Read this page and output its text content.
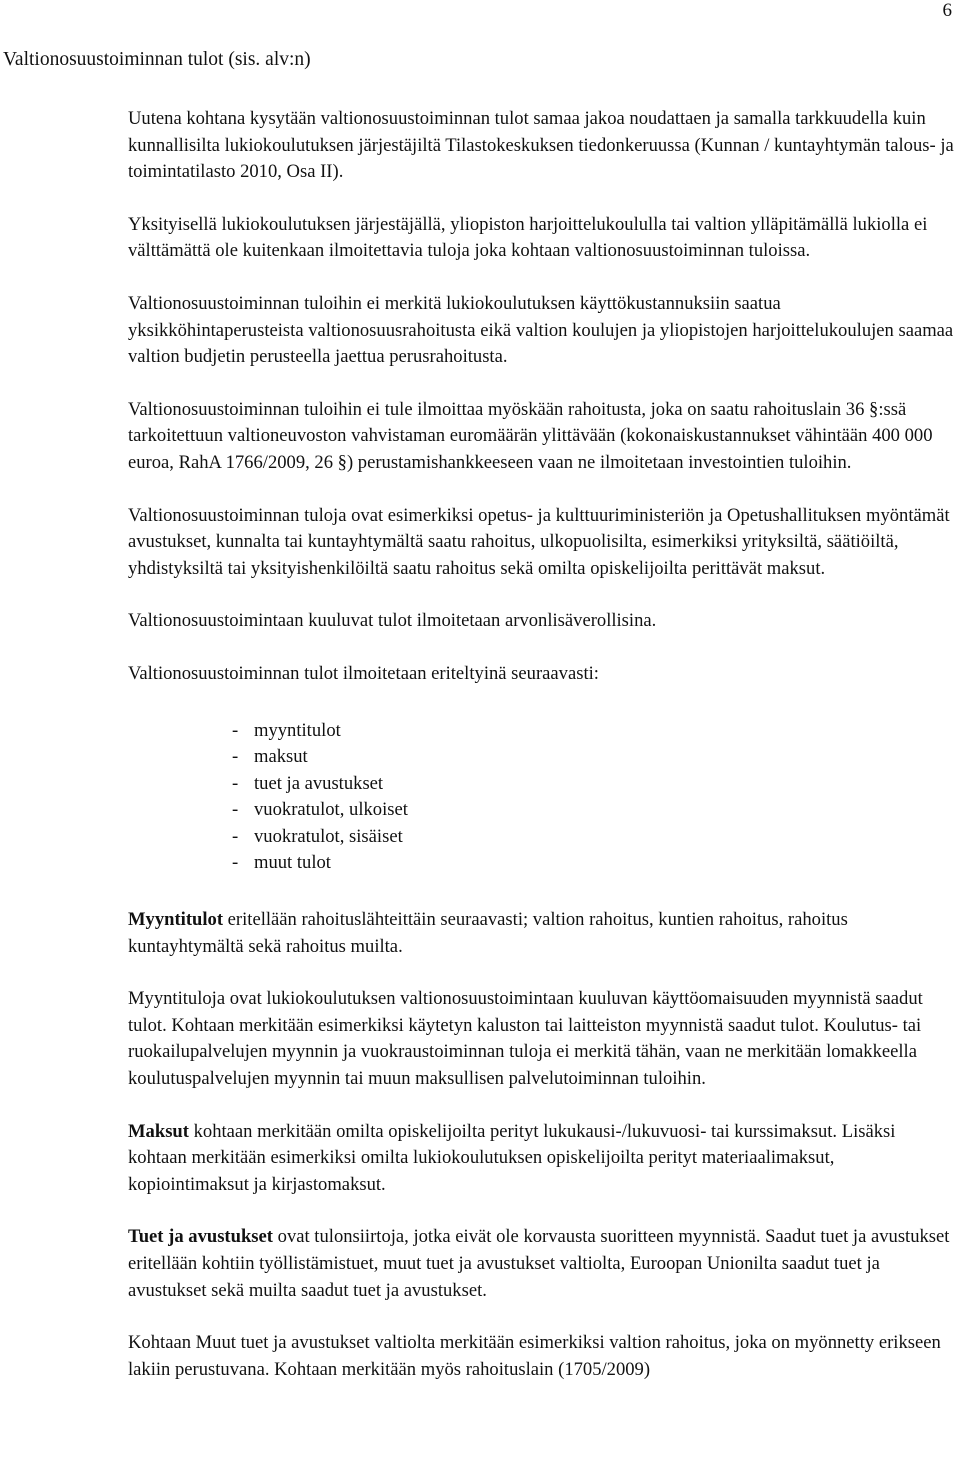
6
Valtionosuustoiminnan tulot (sis. alv:n)

Uutena kohtana kysytään valtionosuustoiminnan tulot samaa jakoa noudattaen ja samalla tarkkuudella kuin kunnallisilta lukiokoulutuksen järjestäjiltä Tilastokeskuksen tiedonkeruussa (Kunnan / kuntayhtymän talous- ja toimintatilasto 2010, Osa II).

Yksityisellä lukiokoulutuksen järjestäjällä, yliopiston harjoittelukoululla tai valtion ylläpitämällä lukiolla ei välttämättä ole kuitenkaan ilmoitettavia tuloja joka kohtaan valtionosuustoiminnan tuloissa.

Valtionosuustoiminnan tuloihin ei merkitä lukiokoulutuksen käyttökustannuksiin saatua yksikköhintaperusteista valtionosuusrahoitusta eikä valtion koulujen ja yliopistojen harjoittelukoulujen saamaa valtion budjetin perusteella jaettua perusrahoitusta.

Valtionosuustoiminnan tuloihin ei tule ilmoittaa myöskään rahoitusta, joka on saatu rahoituslain 36 §:ssä tarkoitettuun valtioneuvoston vahvistaman euromäärän ylittävään (kokonaiskustannukset vähintään 400 000 euroa, RahA 1766/2009, 26 §) perustamishankkeeseen vaan ne ilmoitetaan investointien tuloihin.

Valtionosuustoiminnan tuloja ovat esimerkiksi opetus- ja kulttuuriministeriön ja Opetushallituksen myöntämät avustukset, kunnalta tai kuntayhtymältä saatu rahoitus, ulkopuolisilta, esimerkiksi yrityksiltä, säätiöiltä, yhdistyksiltä tai yksityishenkilöiltä saatu rahoitus sekä omilta opiskelijoilta perittävät maksut.

Valtionosuustoimintaan kuuluvat tulot ilmoitetaan arvonlisäverollisina.

Valtionosuustoiminnan tulot ilmoitetaan eriteltyinä seuraavasti:

- myyntitulot
- maksut
- tuet ja avustukset
- vuokratulot, ulkoiset
- vuokratulot, sisäiset
- muut tulot

Myyntitulot eritellään rahoituslähteittäin seuraavasti; valtion rahoitus, kuntien rahoitus, rahoitus kuntayhtymältä sekä rahoitus muilta.

Myyntituloja ovat lukiokoulutuksen valtionosuustoimintaan kuuluvan käyttöomaisuuden myynnistä saadut tulot. Kohtaan merkitään esimerkiksi käytetyn kaluston tai laitteiston myynnistä saadut tulot. Koulutus- tai ruokailupalvelujen myynnin ja vuokraustoiminnan tuloja ei merkitä tähän, vaan ne merkitään lomakkeella koulutuspalvelujen myynnin tai muun maksullisen palvelutoiminnan tuloihin.

Maksut kohtaan merkitään omilta opiskelijoilta perityt lukukausi-/lukuvuosi- tai kurssimaksut. Lisäksi kohtaan merkitään esimerkiksi omilta lukiokoulutuksen opiskelijoilta perityt materiaalimaksut, kopiointimaksut ja kirjastomaksut.

Tuet ja avustukset ovat tulonsiirtoja, jotka eivät ole korvausta suoritteen myynnistä. Saadut tuet ja avustukset eritellään kohtiin työllistämistuet, muut tuet ja avustukset valtiolta, Euroopan Unionilta saadut tuet ja avustukset sekä muilta saadut tuet ja avustukset.

Kohtaan Muut tuet ja avustukset valtiolta merkitään esimerkiksi valtion rahoitus, joka on myönnetty erikseen lakiin perustuvana. Kohtaan merkitään myös rahoituslain (1705/2009)
